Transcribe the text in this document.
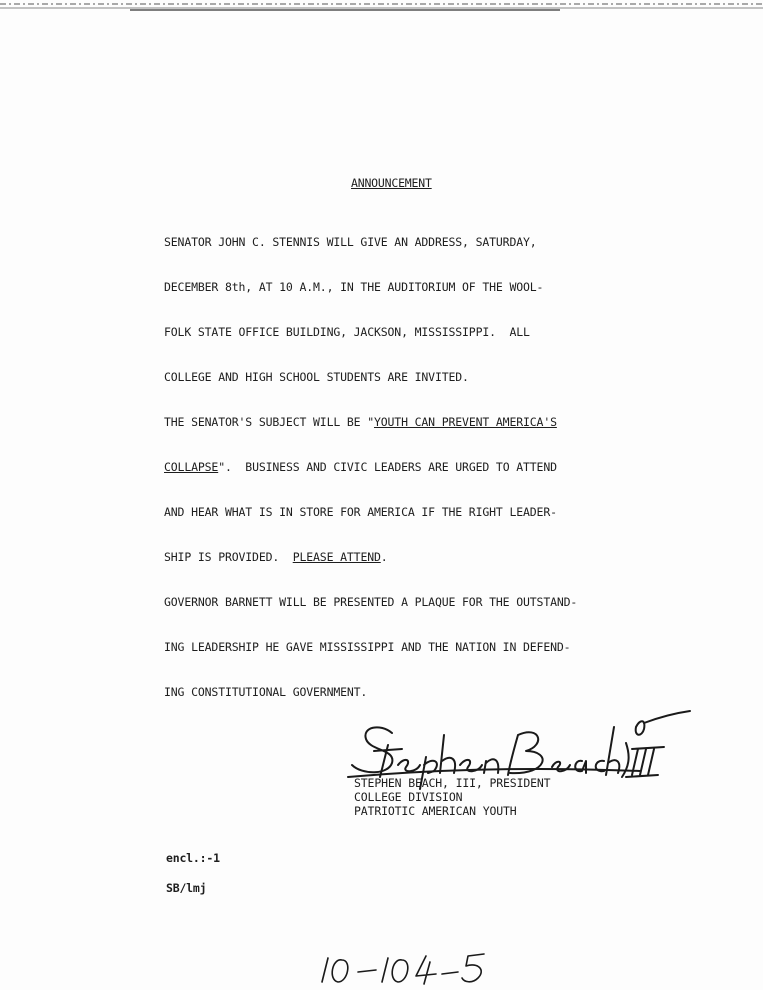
ANNOUNCEMENT
SENATOR JOHN C. STENNIS WILL GIVE AN ADDRESS, SATURDAY,
DECEMBER 8th, AT 10 A.M., IN THE AUDITORIUM OF THE WOOL-
FOLK STATE OFFICE BUILDING, JACKSON, MISSISSIPPI.  ALL
COLLEGE AND HIGH SCHOOL STUDENTS ARE INVITED.
THE SENATOR'S SUBJECT WILL BE "YOUTH CAN PREVENT AMERICA'S
COLLAPSE".  BUSINESS AND CIVIC LEADERS ARE URGED TO ATTEND
AND HEAR WHAT IS IN STORE FOR AMERICA IF THE RIGHT LEADER-
SHIP IS PROVIDED.  PLEASE ATTEND.
GOVERNOR BARNETT WILL BE PRESENTED A PLAQUE FOR THE OUTSTAND-
ING LEADERSHIP HE GAVE MISSISSIPPI AND THE NATION IN DEFEND-
ING CONSTITUTIONAL GOVERNMENT.
STEPHEN BEACH, III, PRESIDENT
COLLEGE DIVISION
PATRIOTIC AMERICAN YOUTH
encl.:-1
SB/lmj
